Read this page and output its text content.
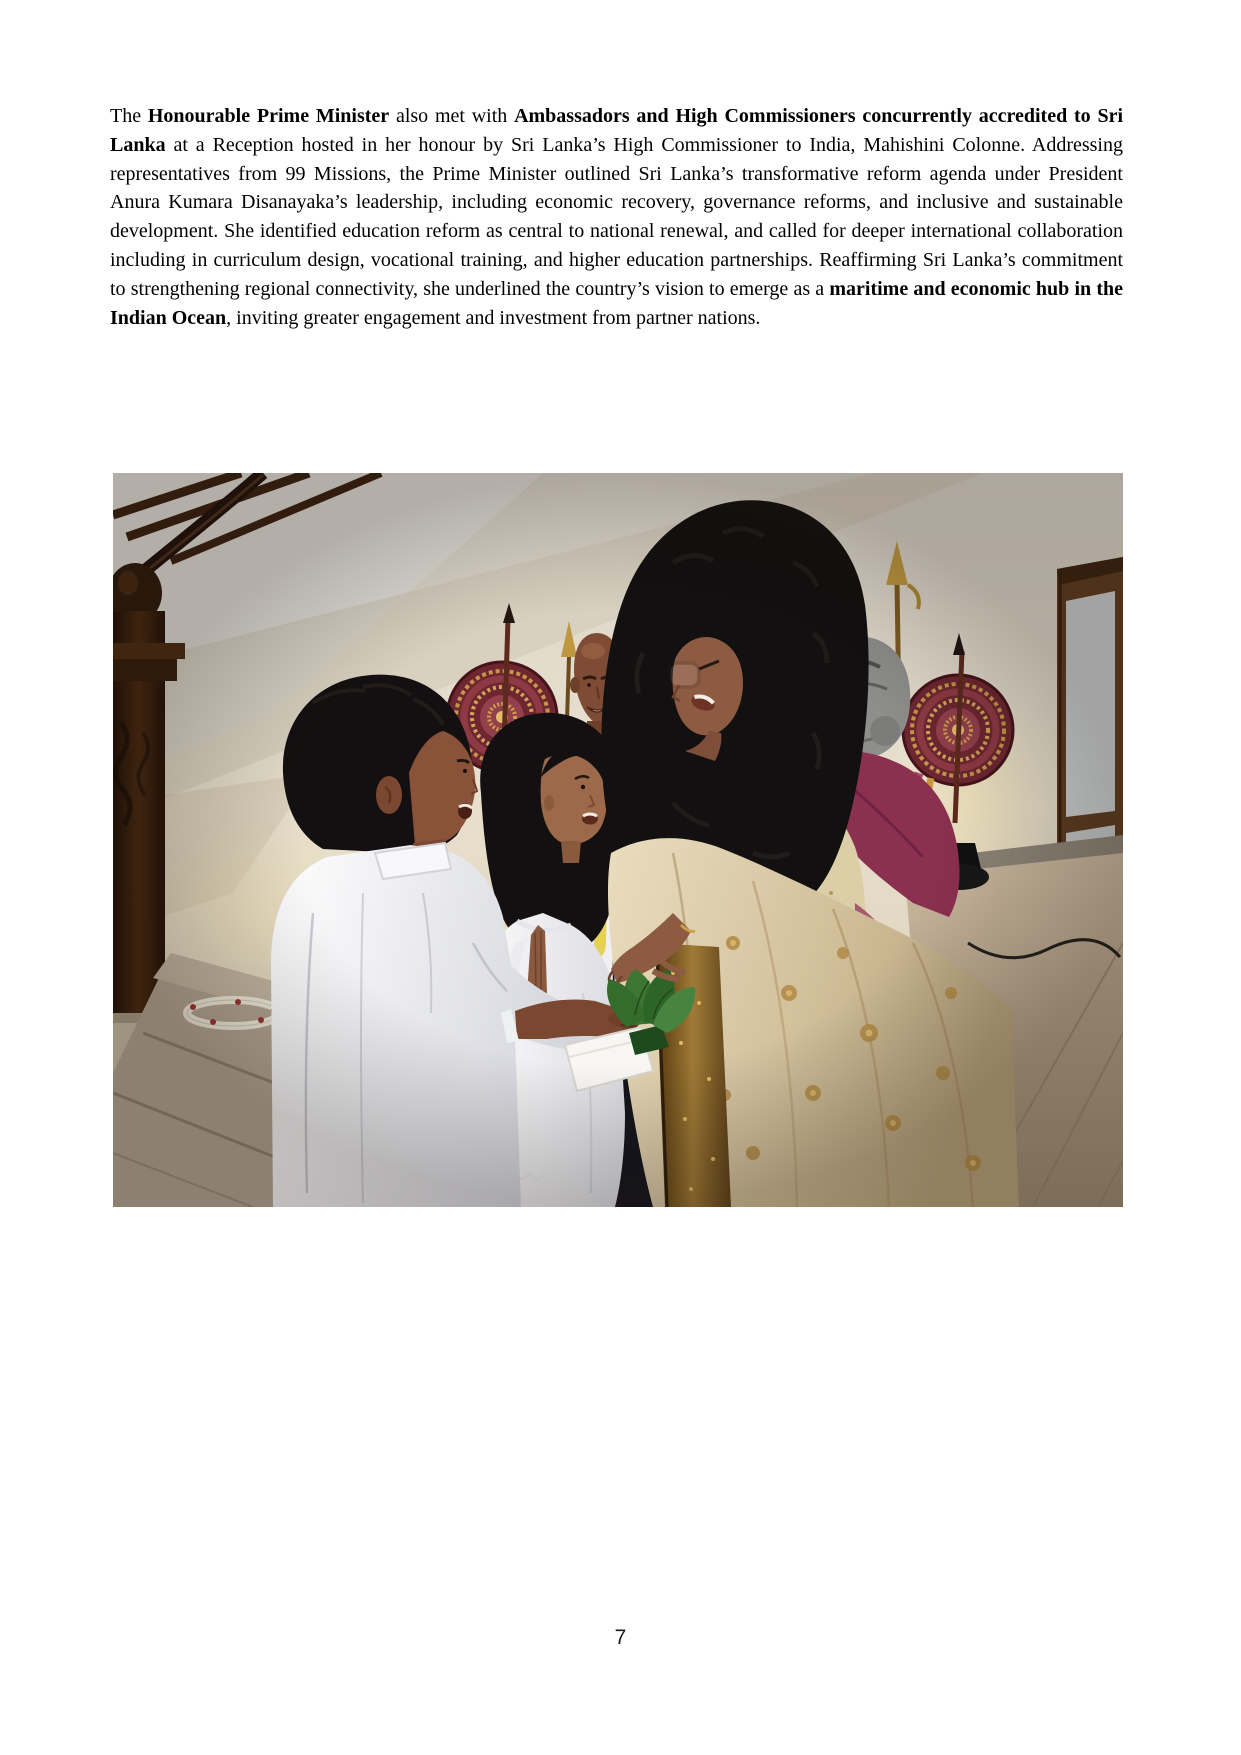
The Honourable Prime Minister also met with Ambassadors and High Commissioners concurrently accredited to Sri Lanka at a Reception hosted in her honour by Sri Lanka’s High Commissioner to India, Mahishini Colonne. Addressing representatives from 99 Missions, the Prime Minister outlined Sri Lanka’s transformative reform agenda under President Anura Kumara Disanayaka’s leadership, including economic recovery, governance reforms, and inclusive and sustainable development. She identified education reform as central to national renewal, and called for deeper international collaboration including in curriculum design, vocational training, and higher education partnerships. Reaffirming Sri Lanka’s commitment to strengthening regional connectivity, she underlined the country’s vision to emerge as a maritime and economic hub in the Indian Ocean, inviting greater engagement and investment from partner nations.

7
